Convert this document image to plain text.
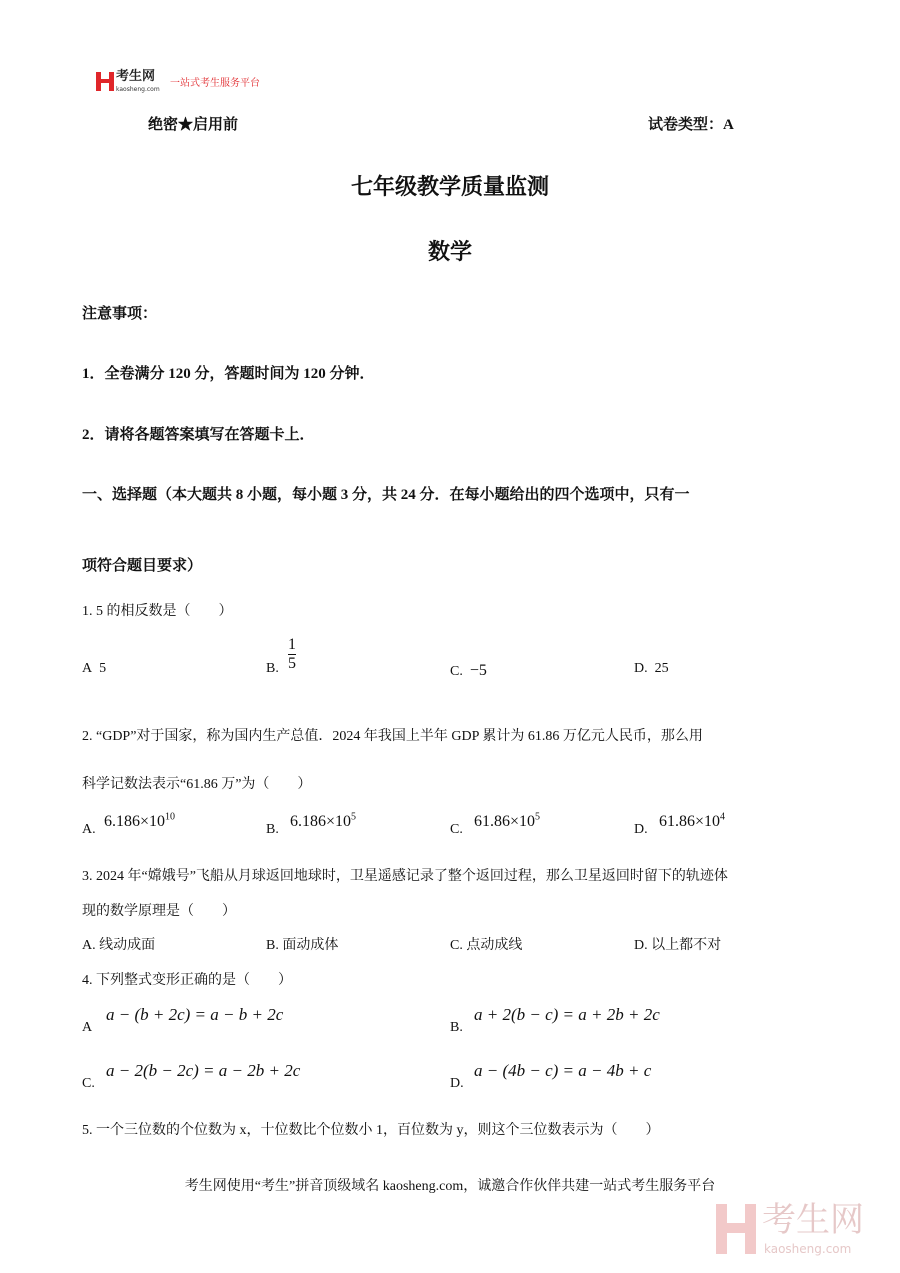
考生网
kaosheng.com
一站式考生服务平台
绝密★启用前	试卷类型：A
七年级教学质量监测
数学
注意事项：
1．全卷满分 120 分，答题时间为 120 分钟．
2．请将各题答案填写在答题卡上．
一、选择题（本大题共 8 小题，每小题 3 分，共 24 分．在每小题给出的四个选项中，只有一
项符合题目要求）
1. 5 的相反数是（　　）
A 5	B. $\frac{1}{5}$	C. −5	D. 25
2. “GDP”对于国家，称为国内生产总值．2024 年我国上半年 GDP 累计为 61.86 万亿元人民币，那么用
科学记数法表示“61.86 万”为（　　）
A. $6.186\times 10^{10}$
B. $6.186\times 10^5$
C. $61.86\times 10^5$
D. $61.86\times 10^4$
3. 2024 年“嫦娥号”飞船从月球返回地球时，卫星遥感记录了整个返回过程，那么卫星返回时留下的轨迹体
现的数学原理是（　　）
A. 线动成面	B. 面动成体	C. 点动成线	D. 以上都不对
4. 下列整式变形正确的是（　　）
A
a − (b + 2c) = a − b + 2c
B.
a + 2(b − c) = a + 2b + 2c
C.
a − 2(b − 2c) = a − 2b + 2c
D.
a − (4b − c) = a − 4b + c
5. 一个三位数的个位数为 x，十位数比个位数小 1，百位数为 y，则这个三位数表示为（　　）
考生网使用“考生”拼音顶级域名 kaosheng.com，诚邀合作伙伴共建一站式考生服务平台
考生网
kaosheng.com
